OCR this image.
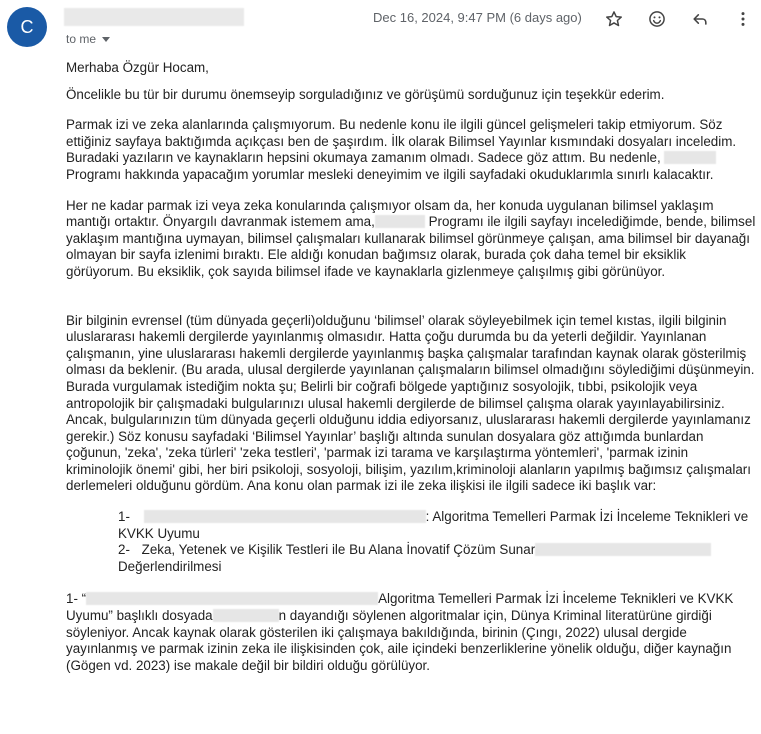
C	Dec 16, 2024, 9:47 PM (6 days ago)
to me

Merhaba Özgür Hocam,

Öncelikle bu tür bir durumu önemseyip sorguladığınız ve görüşümü sorduğunuz için teşekkür ederim.

Parmak izi ve zeka alanlarında çalışmıyorum. Bu nedenle konu ile ilgili güncel gelişmeleri takip etmiyorum. Söz ettiğiniz sayfaya baktığımda açıkçası ben de şaşırdım. İlk olarak Bilimsel Yayınlar kısmındaki dosyaları inceledim. Buradaki yazıların ve kaynakların hepsini okumaya zamanım olmadı. Sadece göz attım. Bu nedenle, Programı hakkında yapacağım yorumlar mesleki deneyimim ve ilgili sayfadaki okuduklarımla sınırlı kalacaktır.

Her ne kadar parmak izi veya zeka konularında çalışmıyor olsam da, her konuda uygulanan bilimsel yaklaşım mantığı ortaktır. Önyargılı davranmak istemem ama,	Programı ile ilgili sayfayı incelediğimde, bende, bilimsel yaklaşım mantığına uymayan, bilimsel çalışmaları kullanarak bilimsel görünmeye çalışan, ama bilimsel bir dayanağı olmayan bir sayfa izlenimi bıraktı. Ele aldığı konudan bağımsız olarak, burada çok daha temel bir eksiklik görüyorum. Bu eksiklik, çok sayıda bilimsel ifade ve kaynaklarla gizlenmeye çalışılmış gibi görünüyor.

Bir bilginin evrensel (tüm dünyada geçerli)olduğunu ‘bilimsel’ olarak söyleyebilmek için temel kıstas, ilgili bilginin uluslararası hakemli dergilerde yayınlanmış olmasıdır. Hatta çoğu durumda bu da yeterli değildir. Yayınlanan çalışmanın, yine uluslararası hakemli dergilerde yayınlanmış başka çalışmalar tarafından kaynak olarak gösterilmiş olması da beklenir. (Bu arada, ulusal dergilerde yayınlanan çalışmaların bilimsel olmadığını söylediğimi düşünmeyin. Burada vurgulamak istediğim nokta şu; Belirli bir coğrafi bölgede yaptığınız sosyolojik, tıbbi, psikolojik veya antropolojik bir çalışmadaki bulgularınızı ulusal hakemli dergilerde de bilimsel çalışma olarak yayınlayabilirsiniz. Ancak, bulgularınızın tüm dünyada geçerli olduğunu iddia ediyorsanız, uluslararası hakemli dergilerde yayınlamanız gerekir.) Söz konusu sayfadaki ‘Bilimsel Yayınlar’ başlığı altında sunulan dosyalara göz attığımda bunlardan çoğunun, 'zeka', 'zeka türleri' 'zeka testleri', 'parmak izi tarama ve karşılaştırma yöntemleri', 'parmak izinin kriminolojik önemi' gibi, her biri psikoloji, sosyoloji, bilişim, yazılım,kriminoloji alanların yapılmış bağımsız çalışmaları derlemeleri olduğunu gördüm. Ana konu olan parmak izi ile zeka ilişkisi ile ilgili sadece iki başlık var:

1-	: Algoritma Temelleri Parmak İzi İnceleme Teknikleri ve KVKK Uyumu
2- Zeka, Yetenek ve Kişilik Testleri ile Bu Alana İnovatif Çözüm Sunar Değerlendirilmesi

1- “	Algoritma Temelleri Parmak İzi İnceleme Teknikleri ve KVKK Uyumu” başlıklı dosyada	n dayandığı söylenen algoritmalar için, Dünya Kriminal literatürüne girdiği söyleniyor. Ancak kaynak olarak gösterilen iki çalışmaya bakıldığında, birinin (Çıngı, 2022) ulusal dergide yayınlanmış ve parmak izinin zeka ile ilişkisinden çok, aile içindeki benzerliklerine yönelik olduğu, diğer kaynağın (Gögen vd. 2023) ise makale değil bir bildiri olduğu görülüyor.
